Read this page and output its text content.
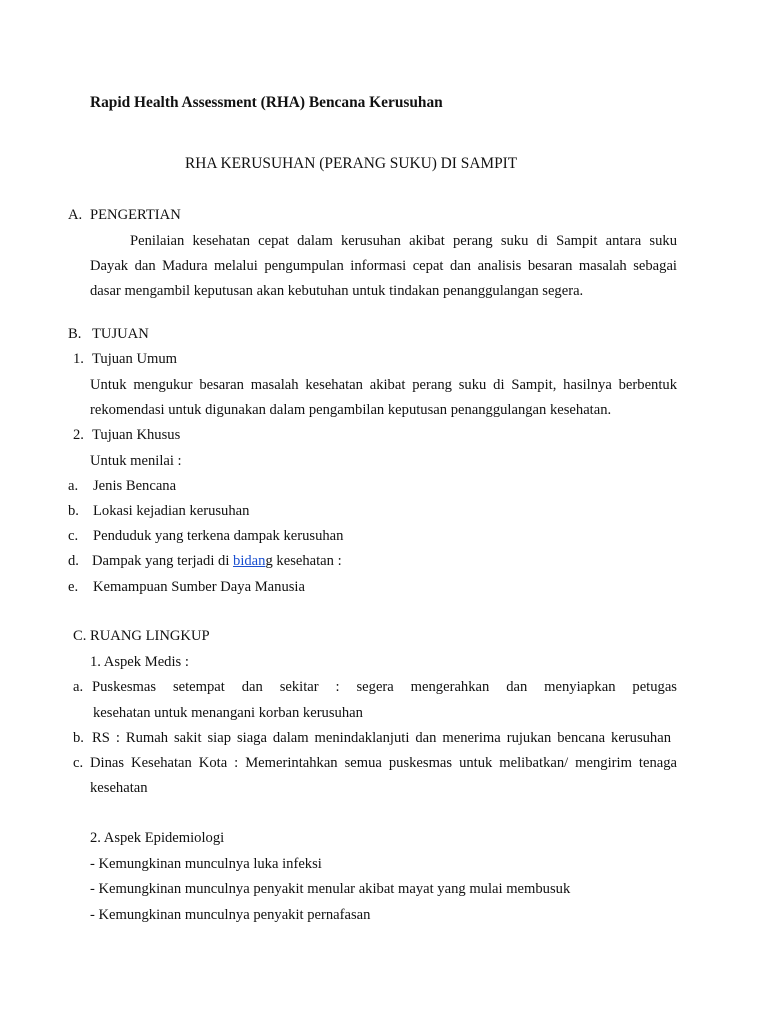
Rapid Health Assessment (RHA) Bencana Kerusuhan
RHA KERUSUHAN (PERANG SUKU) DI SAMPIT
A. PENGERTIAN
Penilaian kesehatan cepat dalam kerusuhan akibat perang suku di Sampit antara suku
Dayak dan Madura melalui pengumpulan informasi cepat dan analisis besaran masalah sebagai
dasar mengambil keputusan akan kebutuhan untuk tindakan penanggulangan segera.
B. TUJUAN
1. Tujuan Umum
Untuk mengukur besaran masalah kesehatan akibat perang suku di Sampit, hasilnya berbentuk
rekomendasi untuk digunakan dalam pengambilan keputusan penanggulangan kesehatan.
2. Tujuan Khusus
Untuk menilai :
a. Jenis Bencana
b. Lokasi kejadian kerusuhan
c. Penduduk yang terkena dampak kerusuhan
d. Dampak yang terjadi di bidang kesehatan :
e. Kemampuan Sumber Daya Manusia
C. RUANG LINGKUP
1. Aspek Medis :
a. Puskesmas setempat dan sekitar : segera mengerahkan dan menyiapkan petugas
kesehatan untuk menangani korban kerusuhan
b. RS : Rumah sakit siap siaga dalam menindaklanjuti dan menerima rujukan bencana kerusuhan
c. Dinas Kesehatan Kota : Memerintahkan semua puskesmas untuk melibatkan/ mengirim tenaga
kesehatan
2. Aspek Epidemiologi
- Kemungkinan munculnya luka infeksi
- Kemungkinan munculnya penyakit menular akibat mayat yang mulai membusuk
- Kemungkinan munculnya penyakit pernafasan
